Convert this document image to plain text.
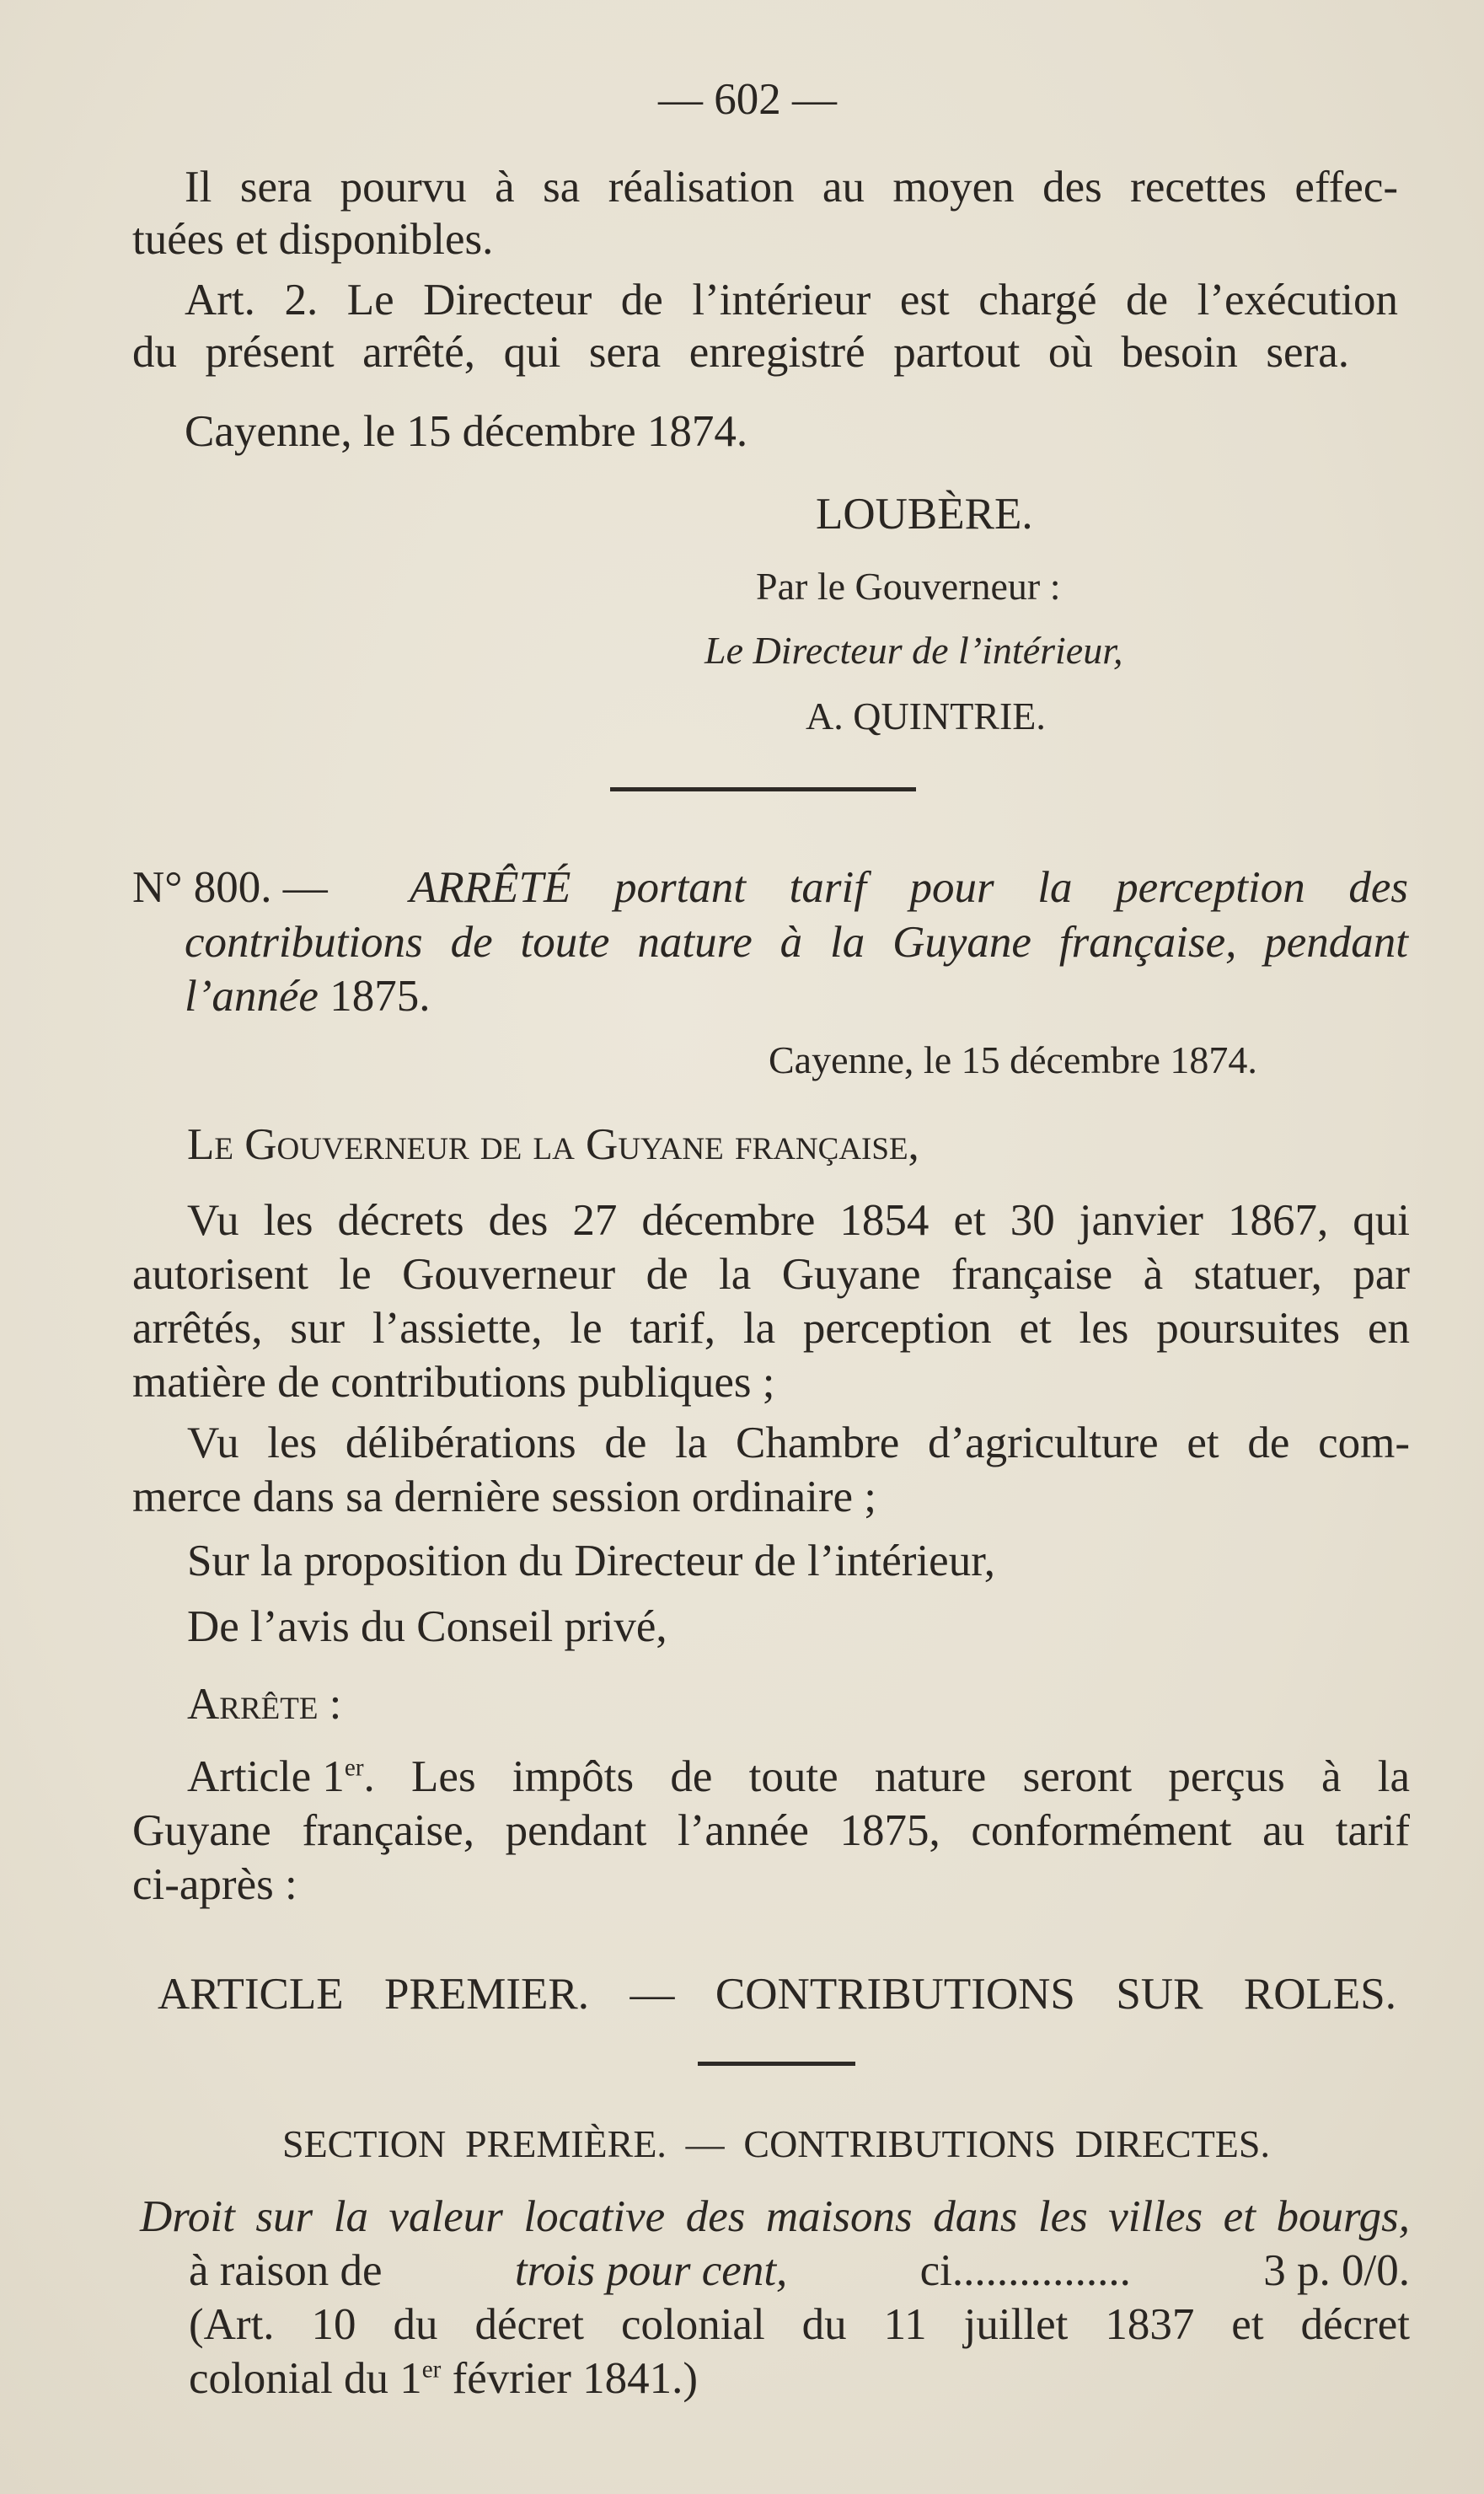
— 602 —
Il sera pourvu à sa réalisation au moyen des recettes effec-
tuées et disponibles.
Art. 2. Le Directeur de l’intérieur est chargé de l’exécution
du présent arrêté, qui sera enregistré partout où besoin sera.
Cayenne, le 15 décembre 1874.
LOUBÈRE.
Par le Gouverneur :
Le Directeur de l’intérieur,
A. QUINTRIE.
N° 800. — ARRÊTÉ portant tarif pour la perception des
contributions de toute nature à la Guyane française, pendant
l’année 1875.
Cayenne, le 15 décembre 1874.
Le Gouverneur de la Guyane française,
Vu les décrets des 27 décembre 1854 et 30 janvier 1867, qui
autorisent le Gouverneur de la Guyane française à statuer, par
arrêtés, sur l’assiette, le tarif, la perception et les poursuites en
matière de contributions publiques ;
Vu les délibérations de la Chambre d’agriculture et de com-
merce dans sa dernière session ordinaire ;
Sur la proposition du Directeur de l’intérieur,
De l’avis du Conseil privé,
Arrête :
Article 1er . Les impôts de toute nature seront perçus à la
Guyane française, pendant l’année 1875, conformément au tarif
ci-après :
ARTICLE PREMIER. — CONTRIBUTIONS SUR ROLES.
SECTION PREMIÈRE. — CONTRIBUTIONS DIRECTES.
Droit sur la valeur locative des maisons dans les villes et bourgs,
à raison de	trois pour cent,	ci................	3 p. 0/0.
(Art. 10 du décret colonial du 11 juillet 1837 et décret
colonial du 1er février 1841.)
